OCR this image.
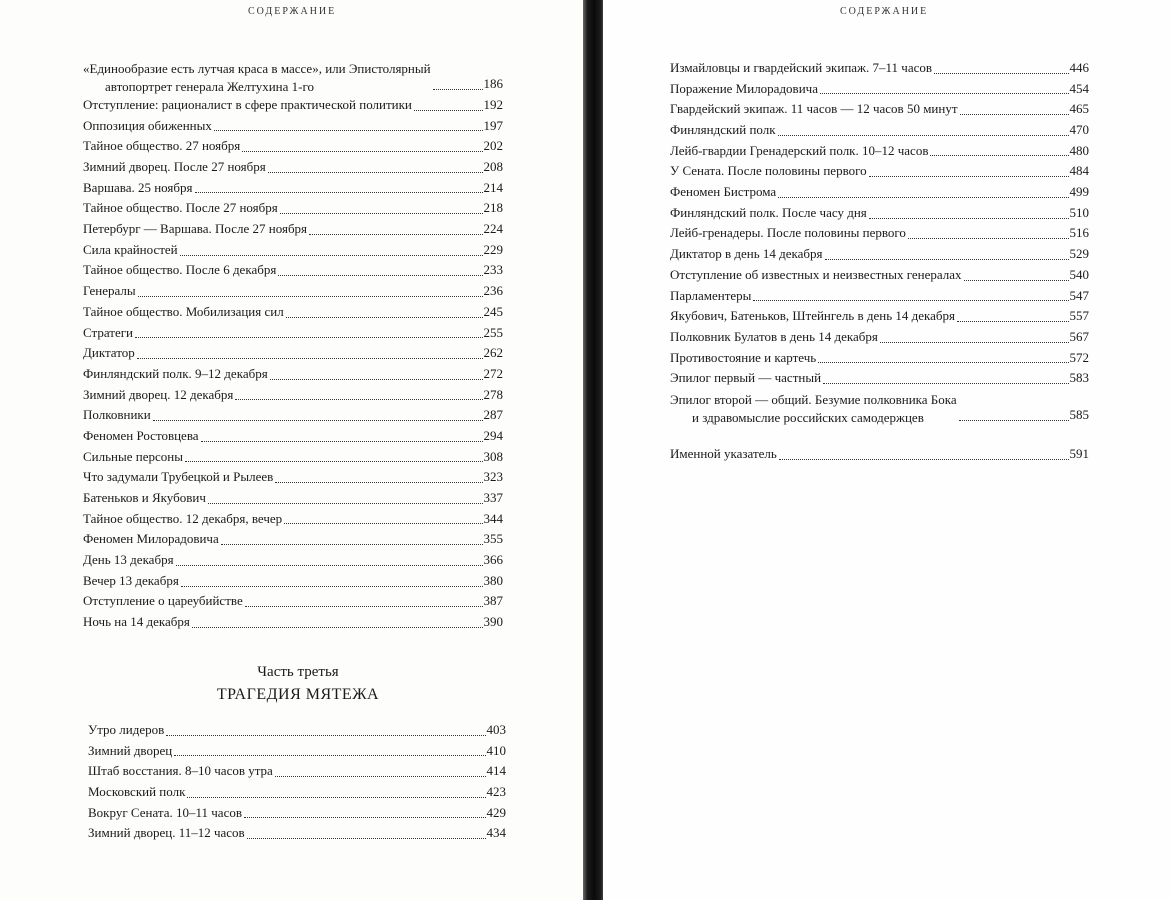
СОДЕРЖАНИЕ
«Единообразие есть лутчая краса в массе», или Эпистолярный
автопортрет генерала Желтухина 1-го	186
Отступление: рационалист в сфере практической политики	192
Оппозиция обиженных	197
Тайное общество. 27 ноября	202
Зимний дворец. После 27 ноября	208
Варшава. 25 ноября	214
Тайное общество. После 27 ноября	218
Петербург — Варшава. После 27 ноября	224
Сила крайностей	229
Тайное общество. После 6 декабря	233
Генералы	236
Тайное общество. Мобилизация сил	245
Стратеги	255
Диктатор	262
Финляндский полк. 9–12 декабря	272
Зимний дворец. 12 декабря	278
Полковники	287
Феномен Ростовцева	294
Сильные персоны	308
Что задумали Трубецкой и Рылеев	323
Батеньков и Якубович	337
Тайное общество. 12 декабря, вечер	344
Феномен Милорадовича	355
День 13 декабря	366
Вечер 13 декабря	380
Отступление о цареубийстве	387
Ночь на 14 декабря	390
Часть третья
ТРАГЕДИЯ МЯТЕЖА
Утро лидеров	403
Зимний дворец	410
Штаб восстания. 8–10 часов утра	414
Московский полк	423
Вокруг Сената. 10–11 часов	429
Зимний дворец. 11–12 часов	434
СОДЕРЖАНИЕ
Измайловцы и гвардейский экипаж. 7–11 часов	446
Поражение Милорадовича	454
Гвардейский экипаж. 11 часов — 12 часов 50 минут	465
Финляндский полк	470
Лейб-гвардии Гренадерский полк. 10–12 часов	480
У Сената. После половины первого	484
Феномен Бистрома	499
Финляндский полк. После часу дня	510
Лейб-гренадеры. После половины первого	516
Диктатор в день 14 декабря	529
Отступление об известных и неизвестных генералах	540
Парламентеры	547
Якубович, Батеньков, Штейнгель в день 14 декабря	557
Полковник Булатов в день 14 декабря	567
Противостояние и картечь	572
Эпилог первый — частный	583
Эпилог второй — общий. Безумие полковника Бока
и здравомыслие российских самодержцев	585
Именной указатель	591
